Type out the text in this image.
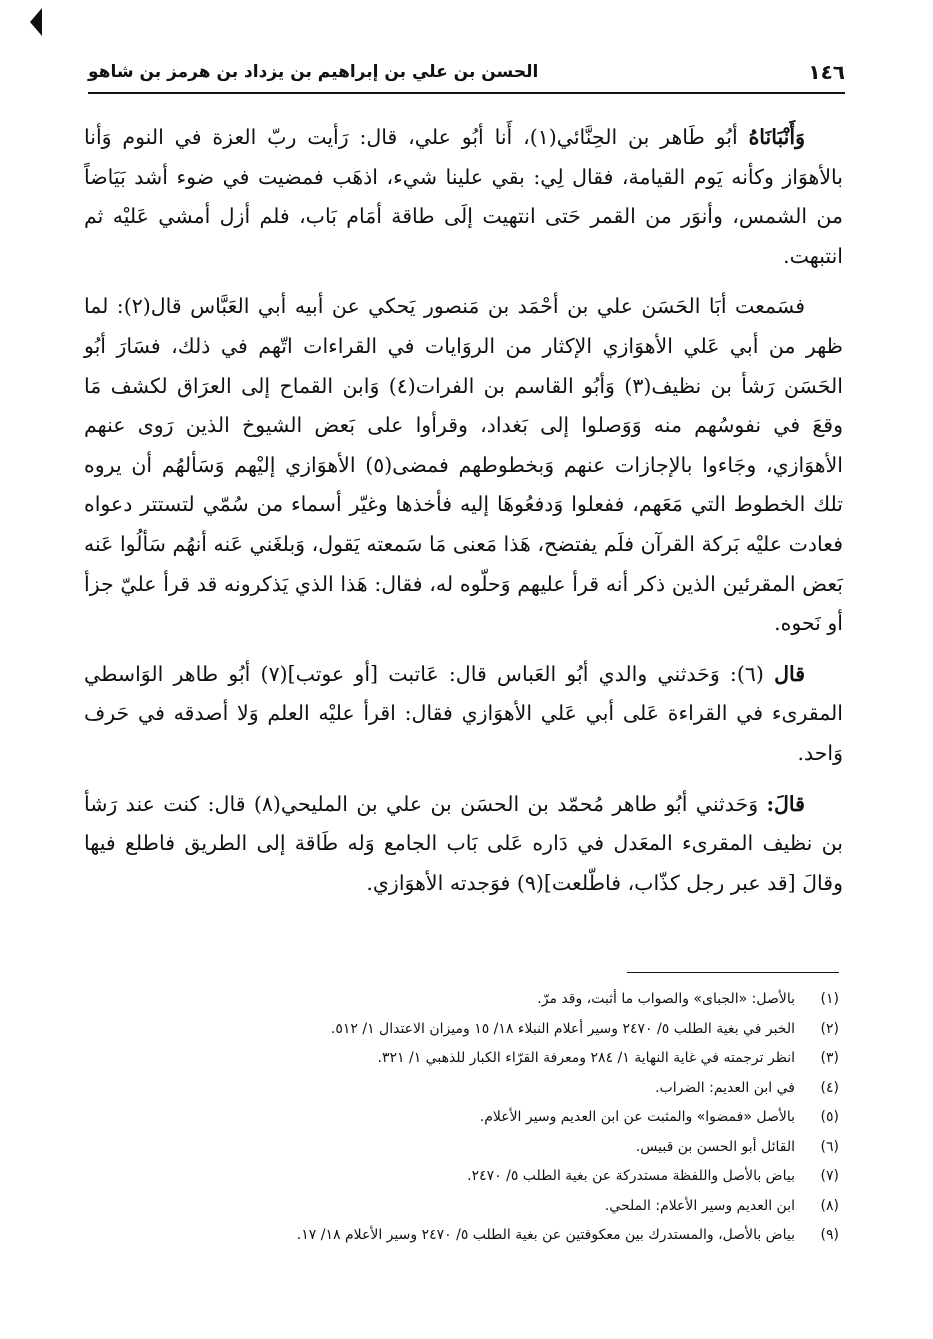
١٤٦
الحسن بن علي بن إبراهيم بن يزداد بن هرمز بن شاهو

وَأَنْبَانَاهُ أبُو طَاهر بن الحِنَّائي(١)، أَنا أبُو علي، قال: رَأيت ربّ العزة في النوم وَأنا بالأهوَاز وكأنه يَوم القيامة، فقال لِي: بقي علينا شيء، اذهَب فمضيت في ضوء أشد بَيَاضاً من الشمس، وأنوَر من القمر حَتى انتهيت إلَى طاقة أمَام بَاب، فلم أزل أمشي عَليْه ثم انتبهت.

فسَمعت أبَا الحَسَن علي بن أحْمَد بن مَنصور يَحكي عن أبيه أبي العَبَّاس قال(٢): لما ظهر من أبي عَلي الأهوَازي الإكثار من الروَايات في القراءات اتّهم في ذلك، فسَارَ أبُو الحَسَن رَشأ بن نظيف(٣) وَأبُو القاسم بن الفرات(٤) وَابن القماح إلى العرَاق لكشف مَا وقعَ في نفوسُهم منه وَوَصلوا إلى بَغداد، وقرأوا على بَعض الشيوخ الذين رَوى عنهم الأهوَازي، وجَاءوا بالإجازات عنهم وَبخطوطهم فمضى(٥) الأهوَازي إليْهم وَسَألهُم أن يروه تلك الخطوط التي مَعَهم، ففعلوا وَدفعُوهَا إليه فأخذها وغيّر أسماء من سُمّي لتستتر دعواه فعادت عليْه بَركة القرآن فلَم يفتضح، هَذا مَعنى مَا سَمعته يَقول، وَبلغَني عَنه أنهُم سَألُوا عَنه بَعض المقرئين الذين ذكر أنه قرأ عليهم وَحلّوه له، فقال: هَذا الذي يَذكرونه قد قرأ عليّ جزأ أو نَحوه.

قال (٦): وَحَدثني والدي أبُو العَباس قال: عَاتبت [أو عوتب](٧) أبُو طاهر الوَاسطي المقرىء في القراءة عَلى أبي عَلي الأهوَازي فقال: اقرأ عليْه العلم وَلا أصدقه في حَرف وَاحد.

قالَ: وَحَدثني أبُو طاهر مُحمّد بن الحسَن بن علي بن المليحي(٨) قال: كنت عند رَشأ بن نظيف المقرىء المعَدل في دَاره عَلى بَاب الجامع وَله طَاقة إلى الطريق فاطلع فيها وقالَ [قد عبر رجل كذّاب، فاطّلعت](٩) فوَجدته الأهوَازي.

(١)بالأصل: «الجباى» والصواب ما أثبت، وقد مرّ.
(٢)الخبر في بغية الطلب ٥/ ٢٤٧٠ وسير أعلام النبلاء ١٨/ ١٥ وميزان الاعتدال ١/ ٥١٢.
(٣)انظر ترجمته في غاية النهاية ١/ ٢٨٤ ومعرفة القرّاء الكبار للذهبي ١/ ٣٢١.
(٤)في ابن العديم: الضراب.
(٥)بالأصل «فمضوا» والمثبت عن ابن العديم وسير الأعلام.
(٦)القائل أبو الحسن بن قبيس.
(٧)بياض بالأصل واللفظة مستدركة عن بغية الطلب ٥/ ٢٤٧٠.
(٨)ابن العديم وسير الأعلام: الملحي.
(٩)بياض بالأصل، والمستدرك بين معكوفتين عن بغية الطلب ٥/ ٢٤٧٠ وسير الأعلام ١٨/ ١٧.
